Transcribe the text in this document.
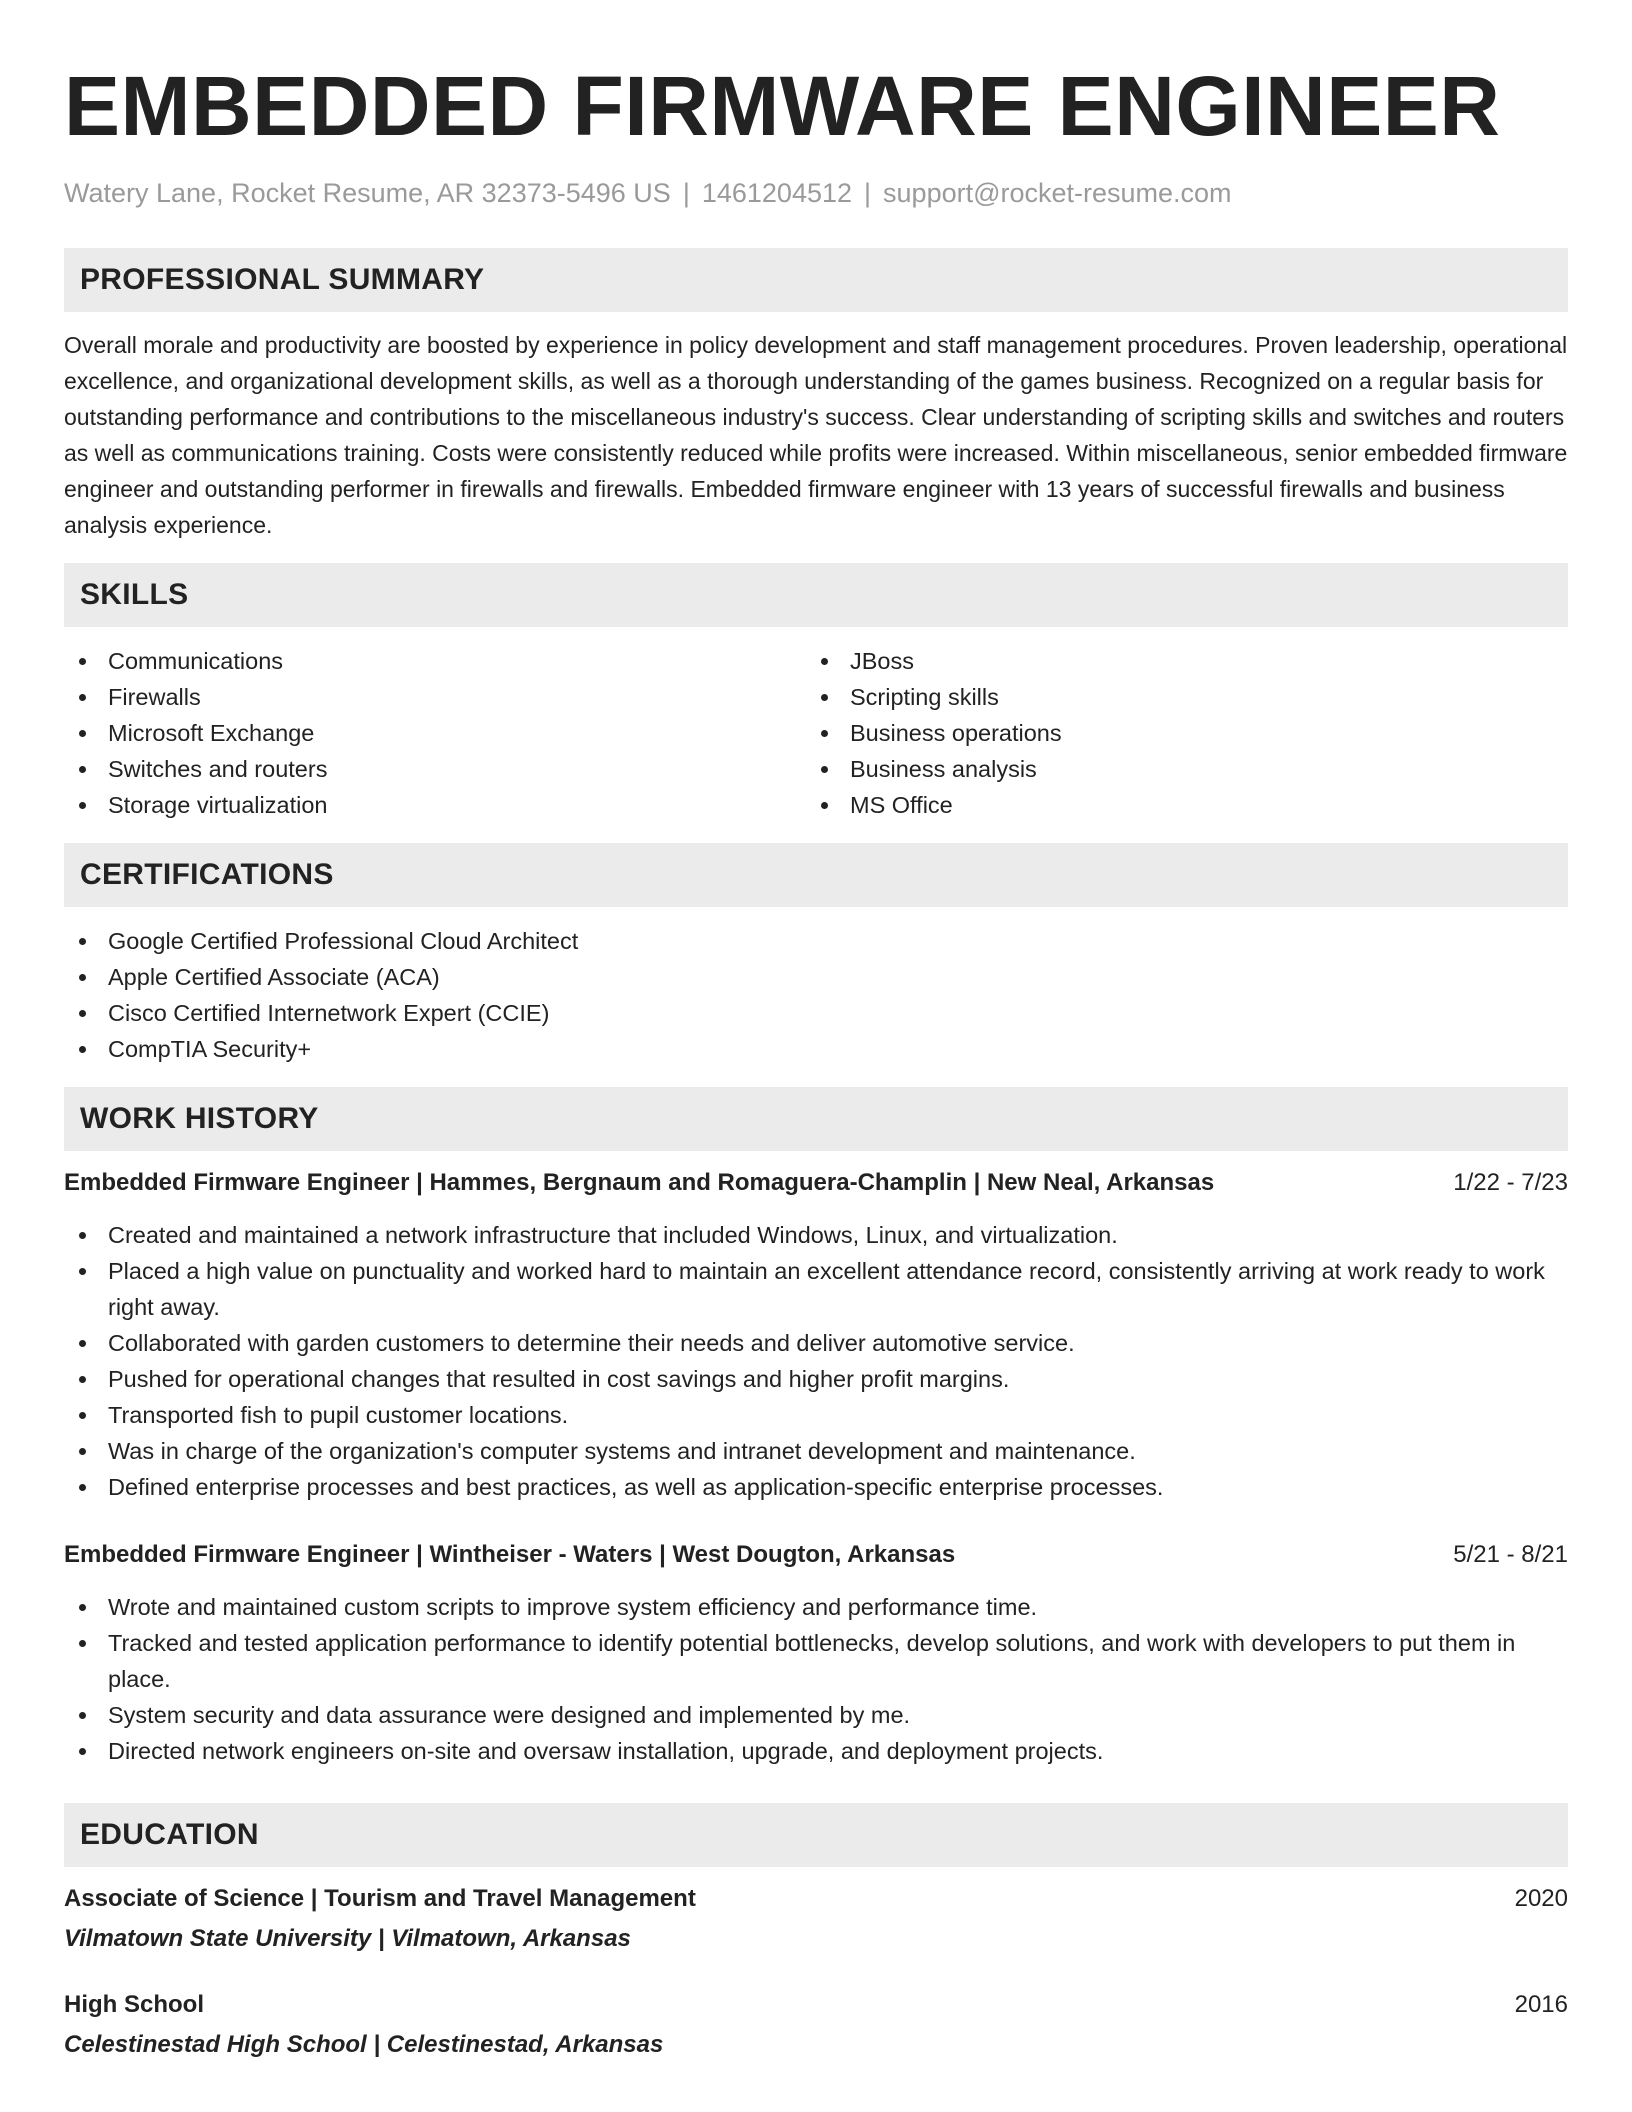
EMBEDDED FIRMWARE ENGINEER
Watery Lane, Rocket Resume, AR 32373-5496 US | 1461204512 | support@rocket-resume.com
PROFESSIONAL SUMMARY

Overall morale and productivity are boosted by experience in policy development and staff management procedures. Proven leadership, operational excellence, and organizational development skills, as well as a thorough understanding of the games business. Recognized on a regular basis for outstanding performance and contributions to the miscellaneous industry's success. Clear understanding of scripting skills and switches and routers as well as communications training. Costs were consistently reduced while profits were increased. Within miscellaneous, senior embedded firmware engineer and outstanding performer in firewalls and firewalls. Embedded firmware engineer with 13 years of successful firewalls and business analysis experience.

SKILLS
Communications
Firewalls
Microsoft Exchange
Switches and routers
Storage virtualization
JBoss
Scripting skills
Business operations
Business analysis
MS Office
CERTIFICATIONS
Google Certified Professional Cloud Architect
Apple Certified Associate (ACA)
Cisco Certified Internetwork Expert (CCIE)
CompTIA Security+
WORK HISTORY
Embedded Firmware Engineer | Hammes, Bergnaum and Romaguera-Champlin | New Neal, Arkansas	1/22 - 7/23
Created and maintained a network infrastructure that included Windows, Linux, and virtualization.
Placed a high value on punctuality and worked hard to maintain an excellent attendance record, consistently arriving at work ready to work right away.
Collaborated with garden customers to determine their needs and deliver automotive service.
Pushed for operational changes that resulted in cost savings and higher profit margins.
Transported fish to pupil customer locations.
Was in charge of the organization's computer systems and intranet development and maintenance.
Defined enterprise processes and best practices, as well as application-specific enterprise processes.
Embedded Firmware Engineer | Wintheiser - Waters | West Dougton, Arkansas	5/21 - 8/21
Wrote and maintained custom scripts to improve system efficiency and performance time.
Tracked and tested application performance to identify potential bottlenecks, develop solutions, and work with developers to put them in place.
System security and data assurance were designed and implemented by me.
Directed network engineers on-site and oversaw installation, upgrade, and deployment projects.
EDUCATION
Associate of Science | Tourism and Travel Management	2020
Vilmatown State University | Vilmatown, Arkansas
High School	2016
Celestinestad High School | Celestinestad, Arkansas
